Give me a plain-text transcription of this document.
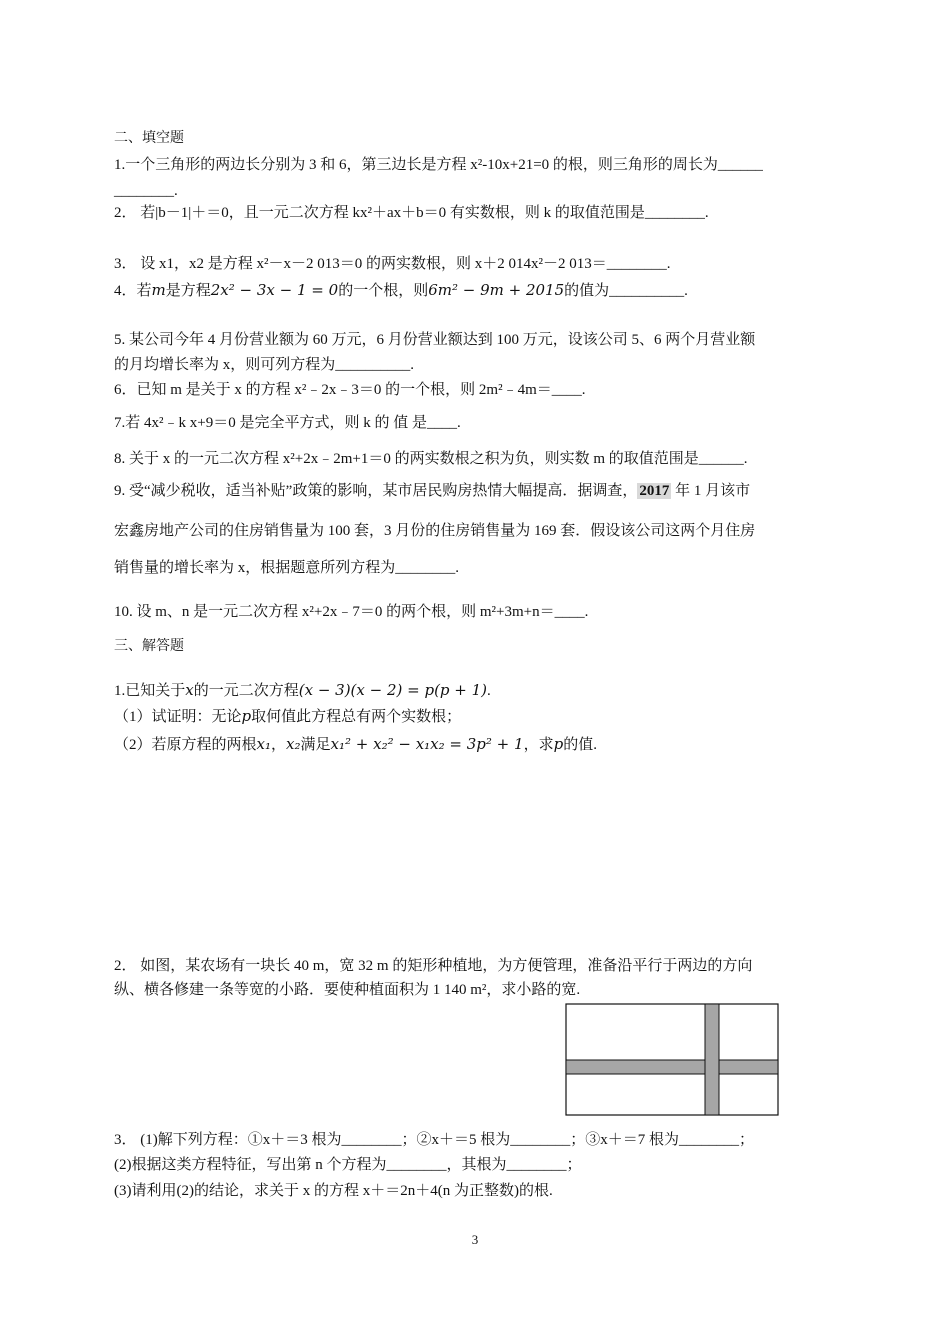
二、填空题
1.一个三角形的两边长分别为 3 和 6，第三边长是方程 x²-10x+21=0 的根，则三角形的周长为______
________.
2． 若|b－1|＋＝0，且一元二次方程 kx²＋ax＋b＝0 有实数根，则 k 的取值范围是________.
3． 设 x1，x2 是方程 x²－x－2 013＝0 的两实数根，则 x＋2 014x²－2 013＝________.
4．若m是方程2x² − 3x − 1 = 0的一个根，则6m² − 9m + 2015的值为__________.
5. 某公司今年 4 月份营业额为 60 万元，6 月份营业额达到 100 万元，设该公司 5、6 两个月营业额
的月均增长率为 x，则可列方程为__________.
6．已知 m 是关于 x 的方程 x²﹣2x﹣3＝0 的一个根，则 2m²﹣4m＝____.
7.若 4x²﹣k x+9＝0 是完全平方式，则 k 的 值 是____.
8. 关于 x 的一元二次方程 x²+2x﹣2m+1＝0 的两实数根之积为负，则实数 m 的取值范围是______.
9. 受“减少税收，适当补贴”政策的影响，某市居民购房热情大幅提高．据调查， 2017 年 1 月该市
宏鑫房地产公司的住房销售量为 100 套，3 月份的住房销售量为 169 套．假设该公司这两个月住房
销售量的增长率为 x，根据题意所列方程为________.
10. 设 m、n 是一元二次方程 x²+2x﹣7＝0 的两个根，则 m²+3m+n＝____.
三、解答题
1.已知关于x的一元二次方程(x − 3)(x − 2) = p(p + 1).
（1）试证明：无论p取何值此方程总有两个实数根；
（2）若原方程的两根x₁，x₂满足x₁² + x₂² − x₁x₂ = 3p² + 1，求p的值.
2． 如图，某农场有一块长 40 m，宽 32 m 的矩形种植地，为方便管理，准备沿平行于两边的方向
纵、横各修建一条等宽的小路．要使种植面积为 1 140 m²，求小路的宽.
3． (1)解下列方程：①x＋＝3 根为________；②x＋＝5 根为________；③x＋＝7 根为________；
(2)根据这类方程特征，写出第 n 个方程为________，其根为________；
(3)请利用(2)的结论，求关于 x 的方程 x＋＝2n＋4(n 为正整数)的根.
3
